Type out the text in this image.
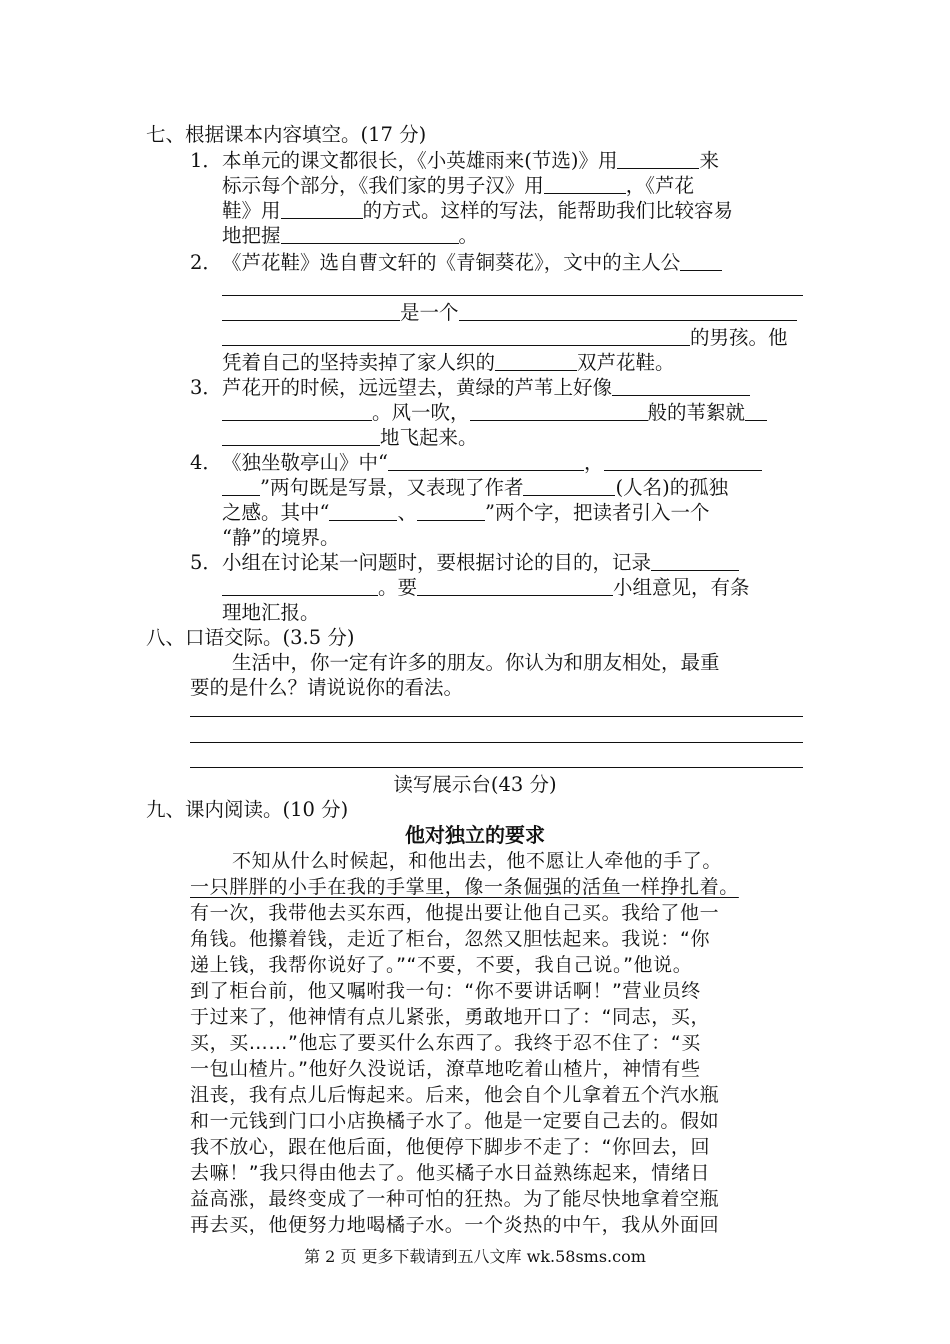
七、根据课本内容填空。(17 分)
1．本单元的课文都很长，《小英雄雨来(节选)》用	来
标示每个部分，《我们家的男子汉》用	，《芦花
鞋》用	的方式。这样的写法，能帮助我们比较容易
地把握	。
2．《芦花鞋》选自曹文轩的《青铜葵花》，文中的主人公
是一个
的男孩。他
凭着自己的坚持卖掉了家人织的	双芦花鞋。
3．芦花开的时候，远远望去，黄绿的芦苇上好像
。风一吹，	般的苇絮就
地飞起来。
4．《独坐敬亭山》中“	，
”两句既是写景，又表现了作者	(人名)的孤独
之感。其中“	、	”两个字，把读者引入一个
“静”的境界。
5．小组在讨论某一问题时，要根据讨论的目的，记录
。要	小组意见，有条
理地汇报。
八、口语交际。(3.5 分)
生活中，你一定有许多的朋友。你认为和朋友相处，最重
要的是什么？请说说你的看法。
读写展示台(43 分)
九、课内阅读。(10 分)
他对独立的要求
不知从什么时候起，和他出去，他不愿让人牵他的手了。
一只胖胖的小手在我的手掌里，像一条倔强的活鱼一样挣扎着。
有一次，我带他去买东西，他提出要让他自己买。我给了他一
角钱。他攥着钱，走近了柜台，忽然又胆怯起来。我说：“你
递上钱，我帮你说好了。”“不要，不要，我自己说。”他说。
到了柜台前，他又嘱咐我一句：“你不要讲话啊！”营业员终
于过来了，他神情有点儿紧张，勇敢地开口了：“同志，买，
买，买……”他忘了要买什么东西了。我终于忍不住了：“买
一包山楂片。”他好久没说话，潦草地吃着山楂片，神情有些
沮丧，我有点儿后悔起来。后来，他会自个儿拿着五个汽水瓶
和一元钱到门口小店换橘子水了。他是一定要自己去的。假如
我不放心，跟在他后面，他便停下脚步不走了：“你回去，回
去嘛！”我只得由他去了。他买橘子水日益熟练起来，情绪日
益高涨，最终变成了一种可怕的狂热。为了能尽快地拿着空瓶
再去买，他便努力地喝橘子水。一个炎热的中午，我从外面回
第 2 页 更多下载请到五八文库 wk.58sms.com
